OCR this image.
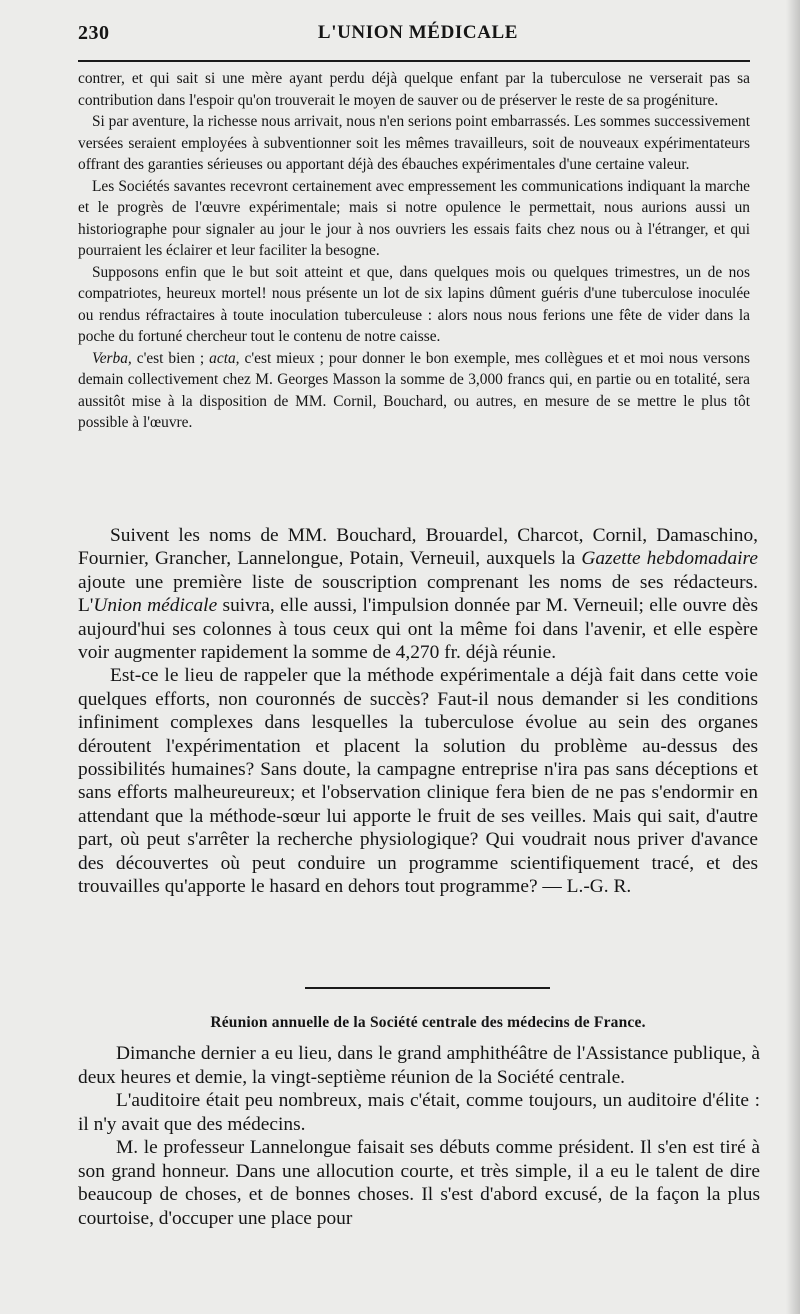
230	L'UNION MÉDICALE

contrer, et qui sait si une mère ayant perdu déjà quelque enfant par la tuberculose ne verserait pas sa contribution dans l'espoir qu'on trouverait le moyen de sauver ou de préserver le reste de sa progéniture.

Si par aventure, la richesse nous arrivait, nous n'en serions point embarrassés. Les sommes successivement versées seraient employées à subventionner soit les mêmes travailleurs, soit de nouveaux expérimentateurs offrant des garanties sérieuses ou apportant déjà des ébauches expérimentales d'une certaine valeur.

Les Sociétés savantes recevront certainement avec empressement les communications indiquant la marche et le progrès de l'œuvre expérimentale; mais si notre opulence le permettait, nous aurions aussi un historiographe pour signaler au jour le jour à nos ouvriers les essais faits chez nous ou à l'étranger, et qui pourraient les éclairer et leur faciliter la besogne.

Supposons enfin que le but soit atteint et que, dans quelques mois ou quelques trimestres, un de nos compatriotes, heureux mortel! nous présente un lot de six lapins dûment guéris d'une tuberculose inoculée ou rendus réfractaires à toute inoculation tuberculeuse : alors nous nous ferions une fête de vider dans la poche du fortuné chercheur tout le contenu de notre caisse.

Verba, c'est bien ; acta, c'est mieux ; pour donner le bon exemple, mes collègues et et moi nous versons demain collectivement chez M. Georges Masson la somme de 3,000 francs qui, en partie ou en totalité, sera aussitôt mise à la disposition de MM. Cornil, Bouchard, ou autres, en mesure de se mettre le plus tôt possible à l'œuvre.

Suivent les noms de MM. Bouchard, Brouardel, Charcot, Cornil, Damaschino, Fournier, Grancher, Lannelongue, Potain, Verneuil, auxquels la Gazette hebdomadaire ajoute une première liste de souscription comprenant les noms de ses rédacteurs. L'Union médicale suivra, elle aussi, l'impulsion donnée par M. Verneuil; elle ouvre dès aujourd'hui ses colonnes à tous ceux qui ont la même foi dans l'avenir, et elle espère voir augmenter rapidement la somme de 4,270 fr. déjà réunie.

Est-ce le lieu de rappeler que la méthode expérimentale a déjà fait dans cette voie quelques efforts, non couronnés de succès? Faut-il nous demander si les conditions infiniment complexes dans lesquelles la tuberculose évolue au sein des organes déroutent l'expérimentation et placent la solution du problème au-dessus des possibilités humaines? Sans doute, la campagne entreprise n'ira pas sans déceptions et sans efforts malheureureux; et l'observation clinique fera bien de ne pas s'endormir en attendant que la méthode-sœur lui apporte le fruit de ses veilles. Mais qui sait, d'autre part, où peut s'arrêter la recherche physiologique? Qui voudrait nous priver d'avance des découvertes où peut conduire un programme scientifiquement tracé, et des trouvailles qu'apporte le hasard en dehors tout programme? — L.-G. R.

Réunion annuelle de la Société centrale des médecins de France.

Dimanche dernier a eu lieu, dans le grand amphithéâtre de l'Assistance publique, à deux heures et demie, la vingt-septième réunion de la Société centrale.

L'auditoire était peu nombreux, mais c'était, comme toujours, un auditoire d'élite : il n'y avait que des médecins.

M. le professeur Lannelongue faisait ses débuts comme président. Il s'en est tiré à son grand honneur. Dans une allocution courte, et très simple, il a eu le talent de dire beaucoup de choses, et de bonnes choses. Il s'est d'abord excusé, de la façon la plus courtoise, d'occuper une place pour
